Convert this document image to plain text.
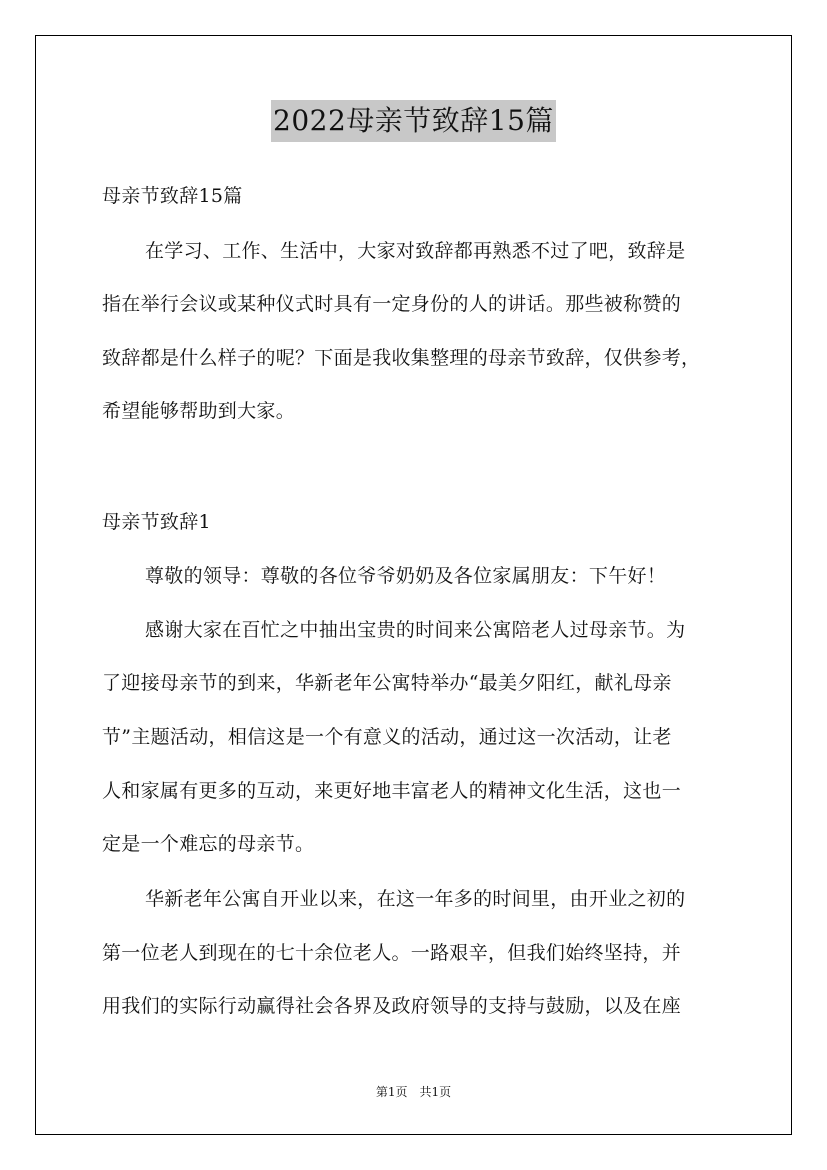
2022母亲节致辞15篇
母亲节致辞15篇
在学习、工作、生活中，大家对致辞都再熟悉不过了吧，致辞是
指在举行会议或某种仪式时具有一定身份的人的讲话。那些被称赞的
致辞都是什么样子的呢？下面是我收集整理的母亲节致辞，仅供参考，
希望能够帮助到大家。
母亲节致辞1
尊敬的领导：尊敬的各位爷爷奶奶及各位家属朋友：下午好！
感谢大家在百忙之中抽出宝贵的时间来公寓陪老人过母亲节。为
了迎接母亲节的到来，华新老年公寓特举办“最美夕阳红，献礼母亲
节”主题活动，相信这是一个有意义的活动，通过这一次活动，让老
人和家属有更多的互动，来更好地丰富老人的精神文化生活，这也一
定是一个难忘的母亲节。
华新老年公寓自开业以来，在这一年多的时间里，由开业之初的
第一位老人到现在的七十余位老人。一路艰辛，但我们始终坚持，并
用我们的实际行动赢得社会各界及政府领导的支持与鼓励，以及在座
第1页　共1页
